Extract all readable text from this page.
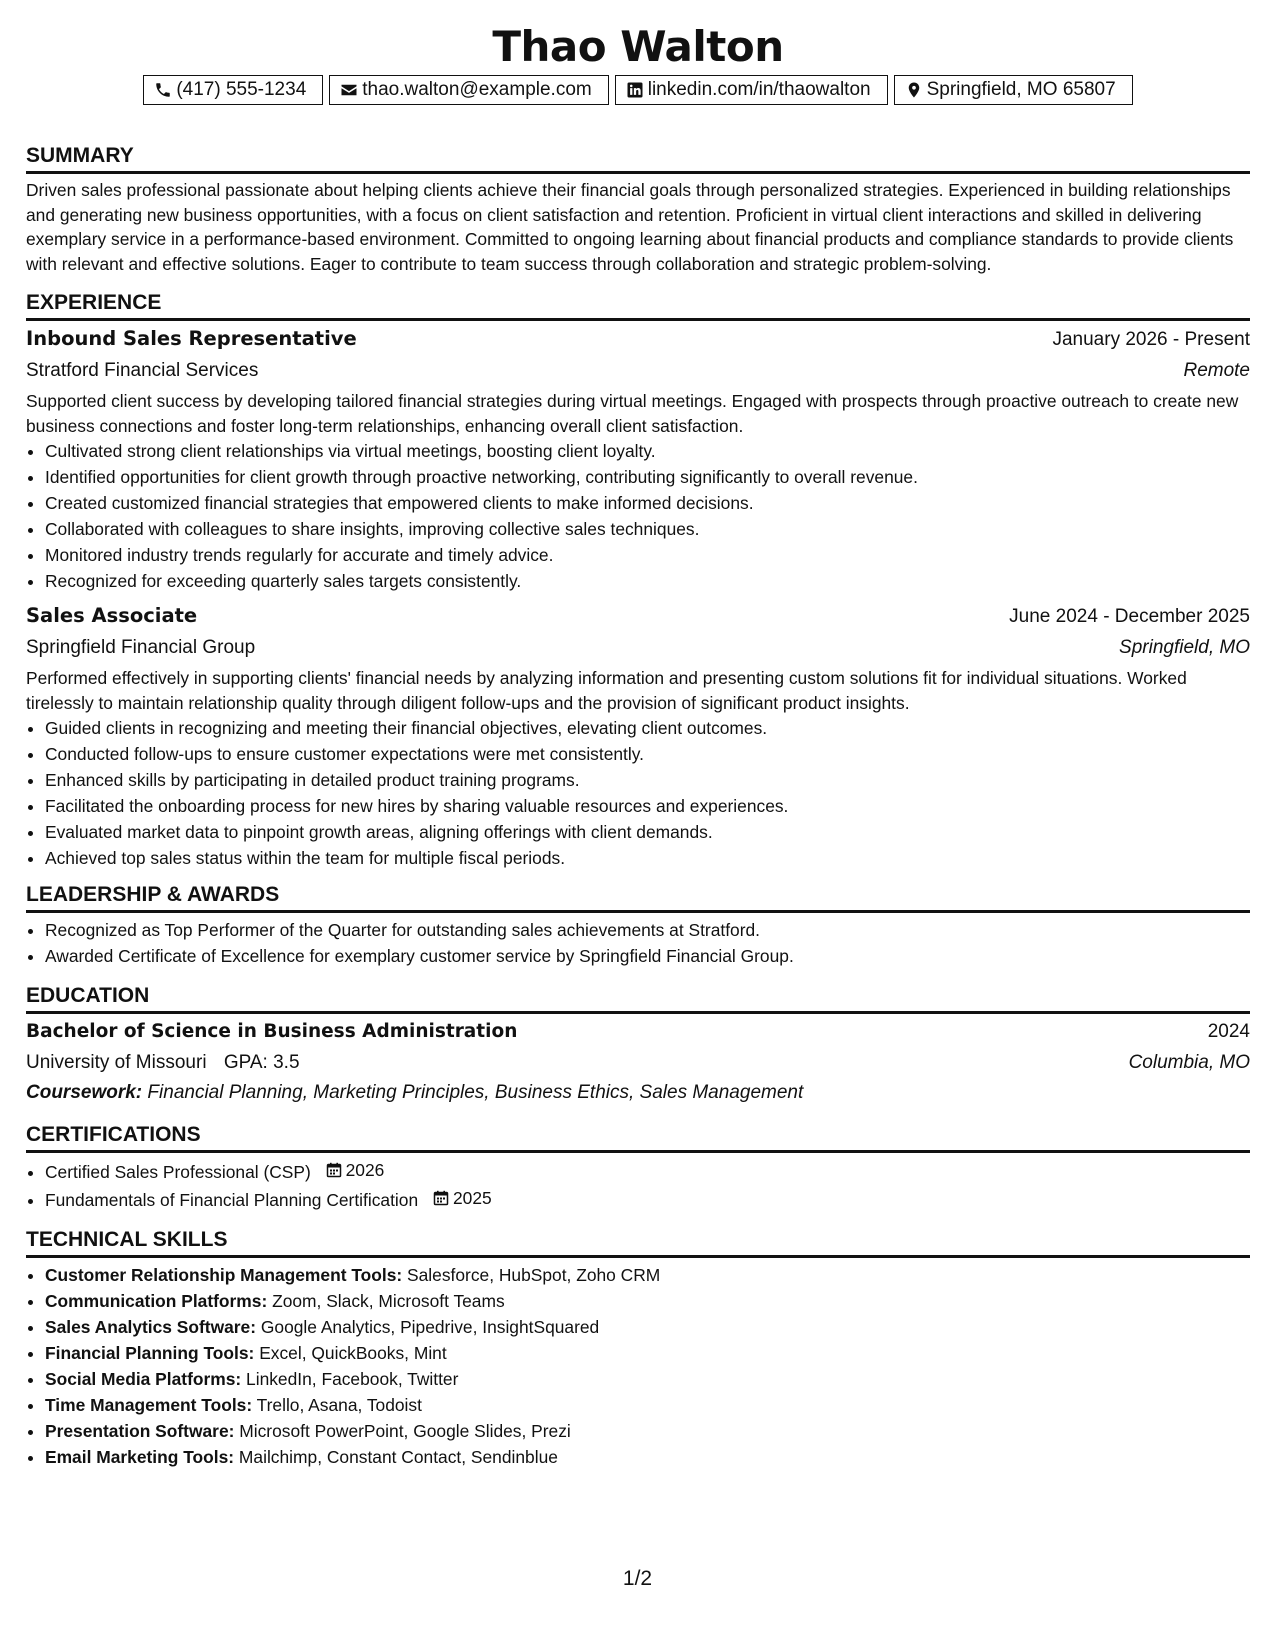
Thao Walton
(417) 555-1234	thao.walton@example.com	linkedin.com/in/thaowalton	Springfield, MO 65807
SUMMARY

Driven sales professional passionate about helping clients achieve their financial goals through personalized strategies. Experienced in building relationships and generating new business opportunities, with a focus on client satisfaction and retention. Proficient in virtual client interactions and skilled in delivering exemplary service in a performance-based environment. Committed to ongoing learning about financial products and compliance standards to provide clients with relevant and effective solutions. Eager to contribute to team success through collaboration and strategic problem-solving.

EXPERIENCE
Inbound Sales Representative	January 2026 - Present
Stratford Financial Services	Remote

Supported client success by developing tailored financial strategies during virtual meetings. Engaged with prospects through proactive outreach to create new business connections and foster long-term relationships, enhancing overall client satisfaction.

• Cultivated strong client relationships via virtual meetings, boosting client loyalty.
• Identified opportunities for client growth through proactive networking, contributing significantly to overall revenue.
• Created customized financial strategies that empowered clients to make informed decisions.
• Collaborated with colleagues to share insights, improving collective sales techniques.
• Monitored industry trends regularly for accurate and timely advice.
• Recognized for exceeding quarterly sales targets consistently.
Sales Associate	June 2024 - December 2025
Springfield Financial Group	Springfield, MO

Performed effectively in supporting clients' financial needs by analyzing information and presenting custom solutions fit for individual situations. Worked tirelessly to maintain relationship quality through diligent follow-ups and the provision of significant product insights.

• Guided clients in recognizing and meeting their financial objectives, elevating client outcomes.
• Conducted follow-ups to ensure customer expectations were met consistently.
• Enhanced skills by participating in detailed product training programs.
• Facilitated the onboarding process for new hires by sharing valuable resources and experiences.
• Evaluated market data to pinpoint growth areas, aligning offerings with client demands.
• Achieved top sales status within the team for multiple fiscal periods.
LEADERSHIP & AWARDS
• Recognized as Top Performer of the Quarter for outstanding sales achievements at Stratford.
• Awarded Certificate of Excellence for exemplary customer service by Springfield Financial Group.
EDUCATION
Bachelor of Science in Business Administration	2024
University of Missouri GPA: 3.5	Columbia, MO
Coursework: Financial Planning, Marketing Principles, Business Ethics, Sales Management
CERTIFICATIONS
• Certified Sales Professional (CSP) 2026
• Fundamentals of Financial Planning Certification 2025
TECHNICAL SKILLS
• Customer Relationship Management Tools: Salesforce, HubSpot, Zoho CRM
• Communication Platforms: Zoom, Slack, Microsoft Teams
• Sales Analytics Software: Google Analytics, Pipedrive, InsightSquared
• Financial Planning Tools: Excel, QuickBooks, Mint
• Social Media Platforms: LinkedIn, Facebook, Twitter
• Time Management Tools: Trello, Asana, Todoist
• Presentation Software: Microsoft PowerPoint, Google Slides, Prezi
• Email Marketing Tools: Mailchimp, Constant Contact, Sendinblue
1/2
